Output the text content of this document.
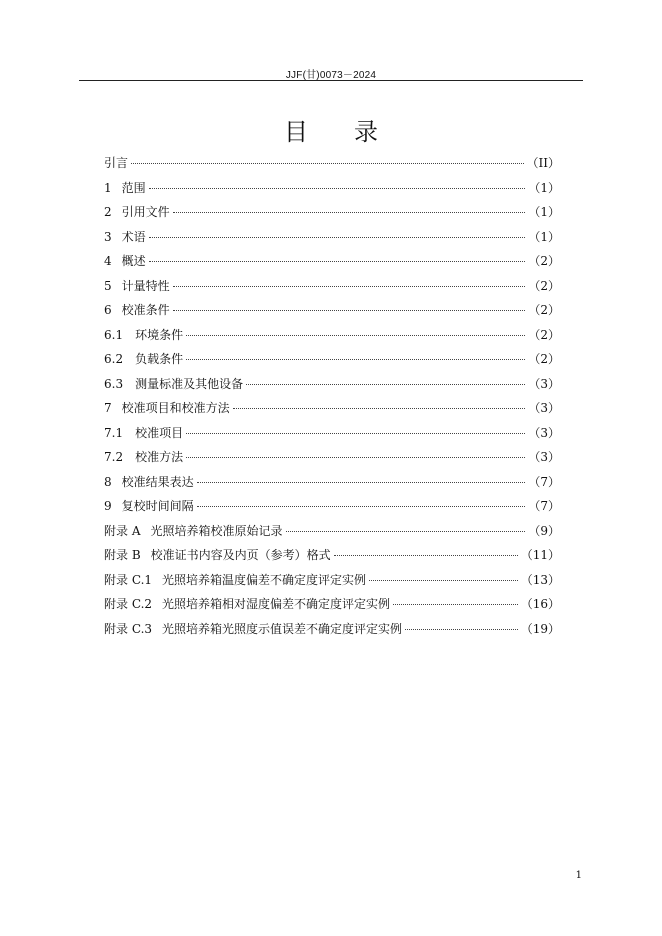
JJF(甘)0073－2024
目录
引言	（II）
1 范围	（1）
2 引用文件	（1）
3 术语	（1）
4 概述	（2）
5 计量特性	（2）
6 校准条件	（2）
6.1 环境条件	（2）
6.2 负载条件	（2）
6.3 测量标准及其他设备	（3）
7 校准项目和校准方法	（3）
7.1 校准项目	（3）
7.2 校准方法	（3）
8 校准结果表达	（7）
9 复校时间间隔	（7）
附录 A 光照培养箱校准原始记录	（9）
附录 B 校准证书内容及内页（参考）格式	（11）
附录 C.1 光照培养箱温度偏差不确定度评定实例	（13）
附录 C.2 光照培养箱相对湿度偏差不确定度评定实例	（16）
附录 C.3 光照培养箱光照度示值误差不确定度评定实例	（19）
1
